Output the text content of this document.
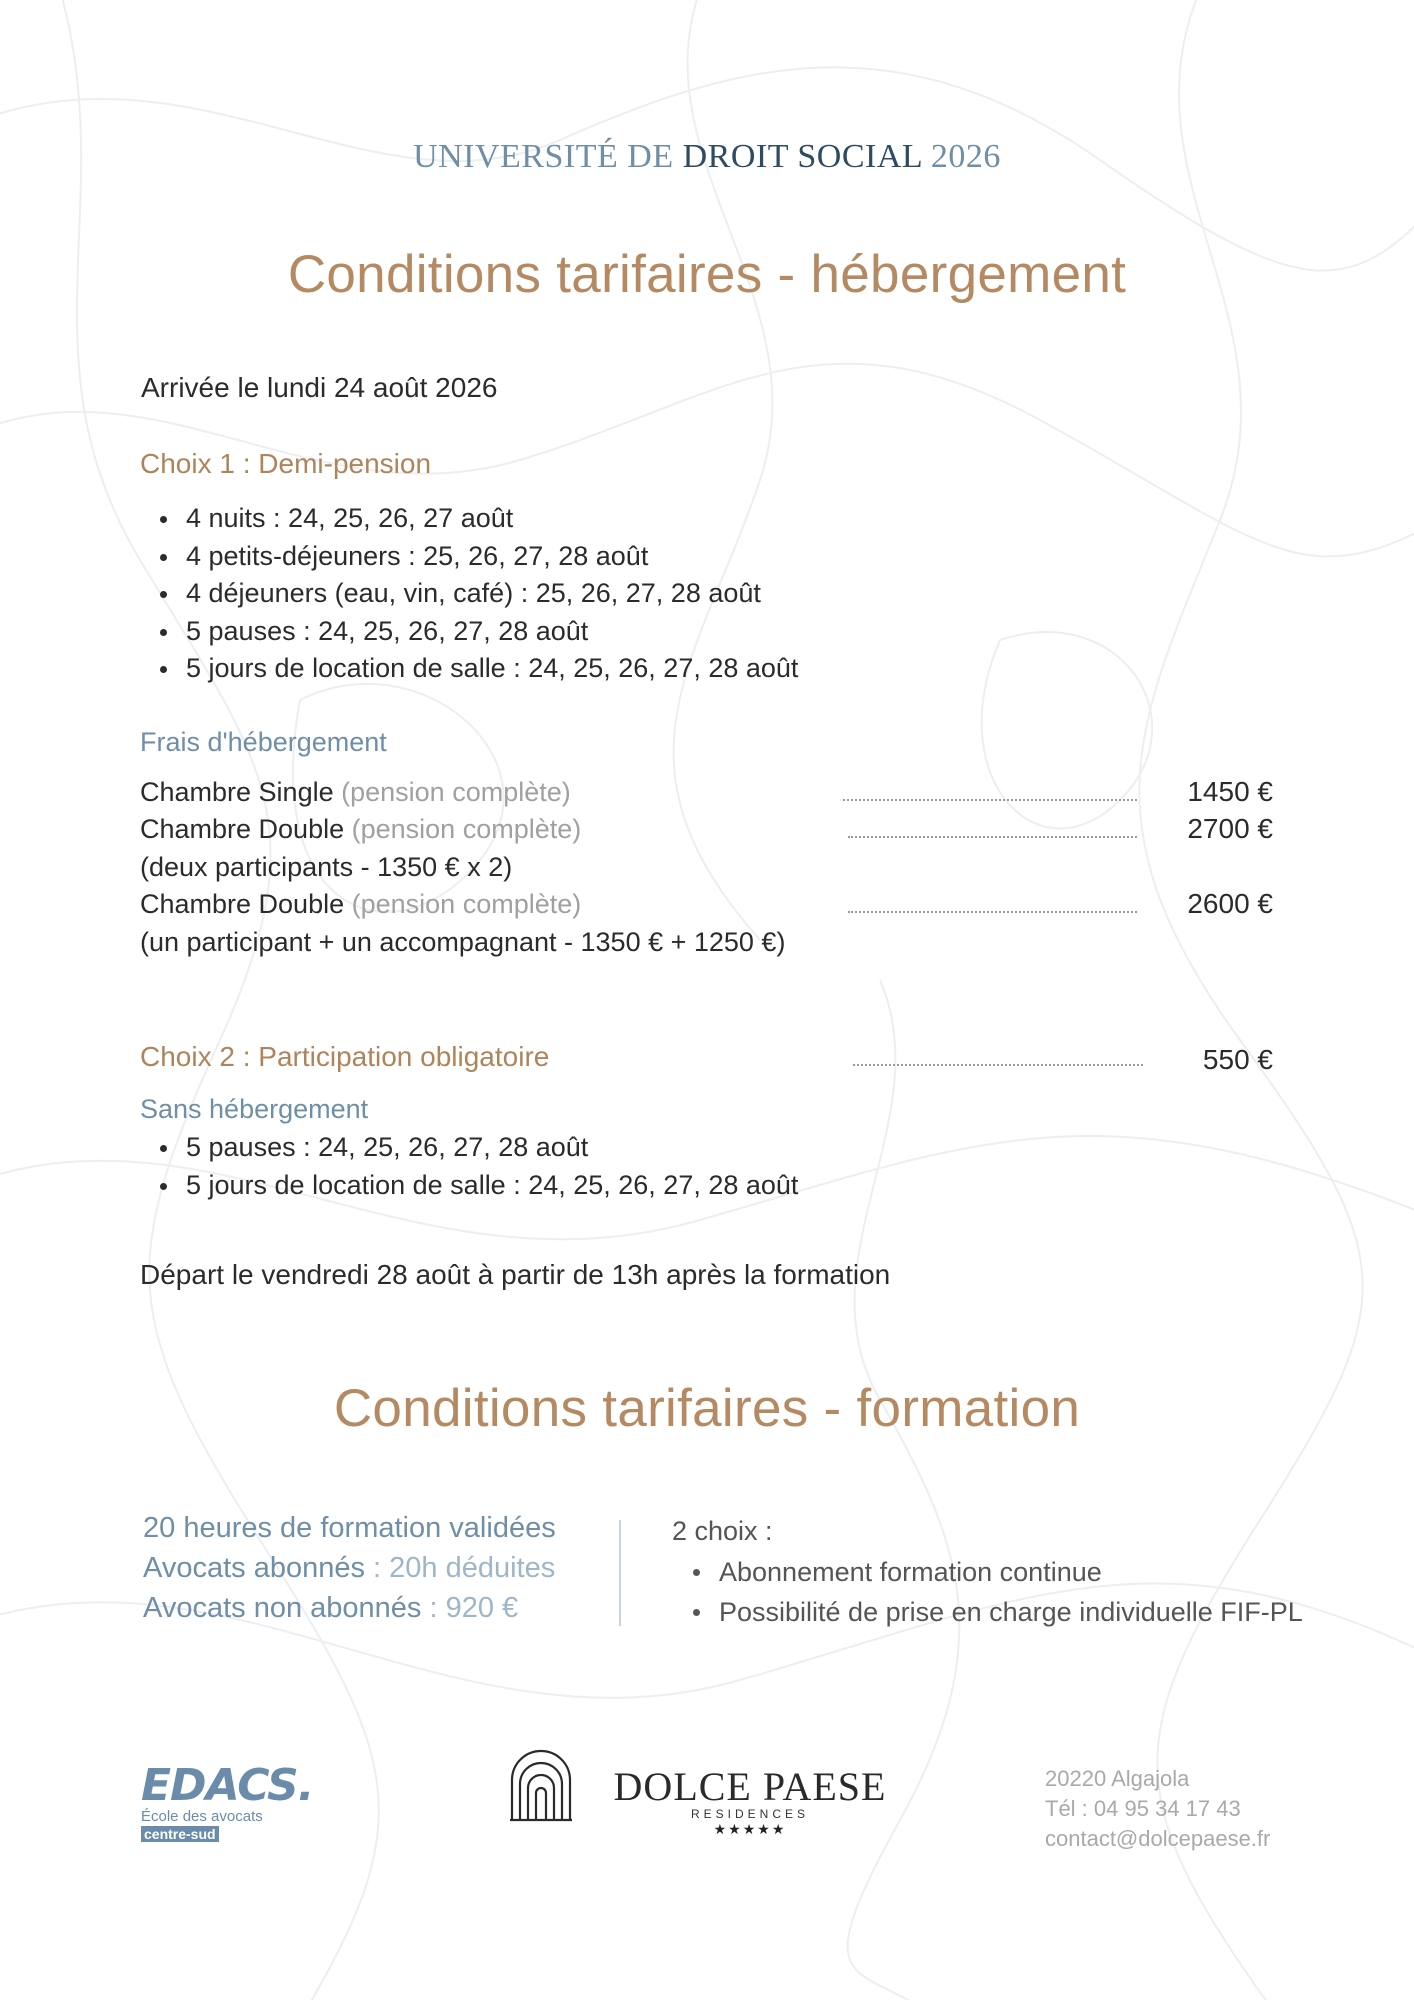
UNIVERSITÉ DE DROIT SOCIAL 2026
Conditions tarifaires - hébergement
Arrivée le lundi 24 août 2026
Choix 1 : Demi-pension
4 nuits : 24, 25, 26, 27 août
4 petits-déjeuners : 25, 26, 27, 28 août
4 déjeuners (eau, vin, café) : 25, 26, 27, 28 août
5 pauses : 24, 25, 26, 27, 28 août
5 jours de location de salle : 24, 25, 26, 27, 28 août
Frais d'hébergement
Chambre Single (pension complète)	1450 €
Chambre Double (pension complète)	2700 €
(deux participants - 1350 € x 2)
Chambre Double (pension complète)	2600 €
(un participant + un accompagnant - 1350 € + 1250 €)
Choix 2 : Participation obligatoire	550 €
Sans hébergement
5 pauses : 24, 25, 26, 27, 28 août
5 jours de location de salle : 24, 25, 26, 27, 28 août
Départ le vendredi 28 août à partir de 13h après la formation
Conditions tarifaires - formation
20 heures de formation validées
Avocats abonnés : 20h déduites
Avocats non abonnés : 920 €
2 choix :
Abonnement formation continue
Possibilité de prise en charge individuelle FIF-PL
EDACS.
École des avocats
centre-sud
DOLCE PAESE
RESIDENCES
★★★★★
20220 Algajola
Tél : 04 95 34 17 43
contact@dolcepaese.fr
